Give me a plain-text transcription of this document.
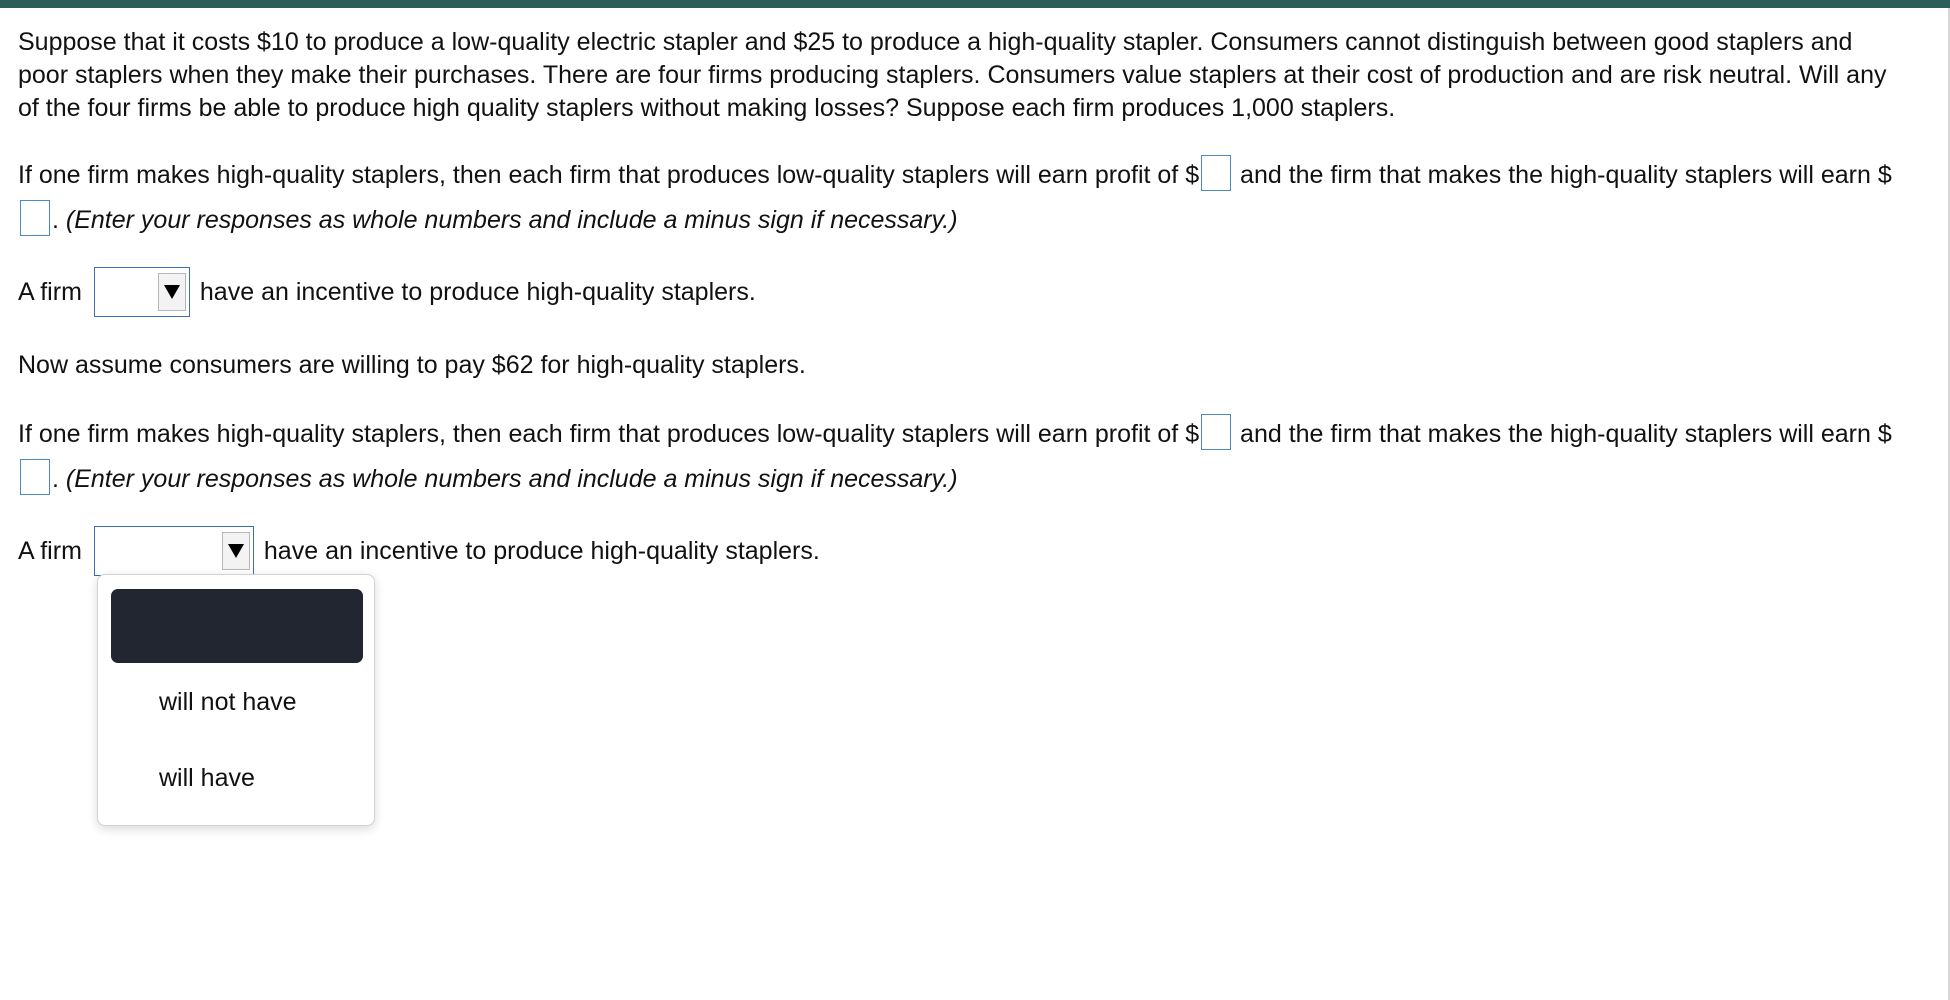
Suppose that it costs $10 to produce a low-quality electric stapler and $25 to produce a high-quality stapler. Consumers cannot distinguish between good staplers and poor staplers when they make their purchases. There are four firms producing staplers. Consumers value staplers at their cost of production and are risk neutral. Will any of the four firms be able to produce high quality staplers without making losses? Suppose each firm produces 1,000 staplers.

If one firm makes high-quality staplers, then each firm that produces low-quality staplers will earn profit of $ and the firm that makes the high-quality staplers will earn $. (Enter your responses as whole numbers and include a minus sign if necessary.)

A firm	have an incentive to produce high-quality staplers.

Now assume consumers are willing to pay $62 for high-quality staplers.

If one firm makes high-quality staplers, then each firm that produces low-quality staplers will earn profit of $ and the firm that makes the high-quality staplers will earn $. (Enter your responses as whole numbers and include a minus sign if necessary.)

A firm	have an incentive to produce high-quality staplers.
will not have
will have
